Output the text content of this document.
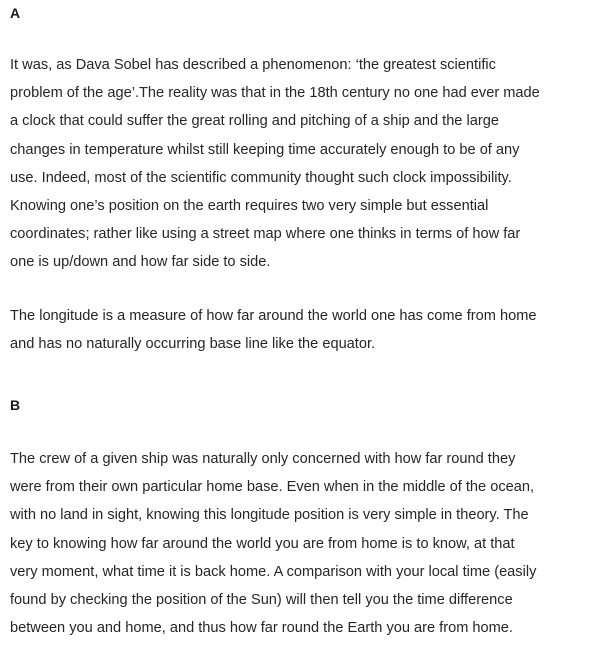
A
It was, as Dava Sobel has described a phenomenon: ‘the greatest scientific
problem of the age’.The reality was that in the 18th century no one had ever made
a clock that could suffer the great rolling and pitching of a ship and the large
changes in temperature whilst still keeping time accurately enough to be of any
use. Indeed, most of the scientific community thought such clock impossibility.
Knowing one’s position on the earth requires two very simple but essential
coordinates; rather like using a street map where one thinks in terms of how far
one is up/down and how far side to side.
The longitude is a measure of how far around the world one has come from home
and has no naturally occurring base line like the equator.
B
The crew of a given ship was naturally only concerned with how far round they
were from their own particular home base. Even when in the middle of the ocean,
with no land in sight, knowing this longitude position is very simple in theory. The
key to knowing how far around the world you are from home is to know, at that
very moment, what time it is back home. A comparison with your local time (easily
found by checking the position of the Sun) will then tell you the time difference
between you and home, and thus how far round the Earth you are from home.
